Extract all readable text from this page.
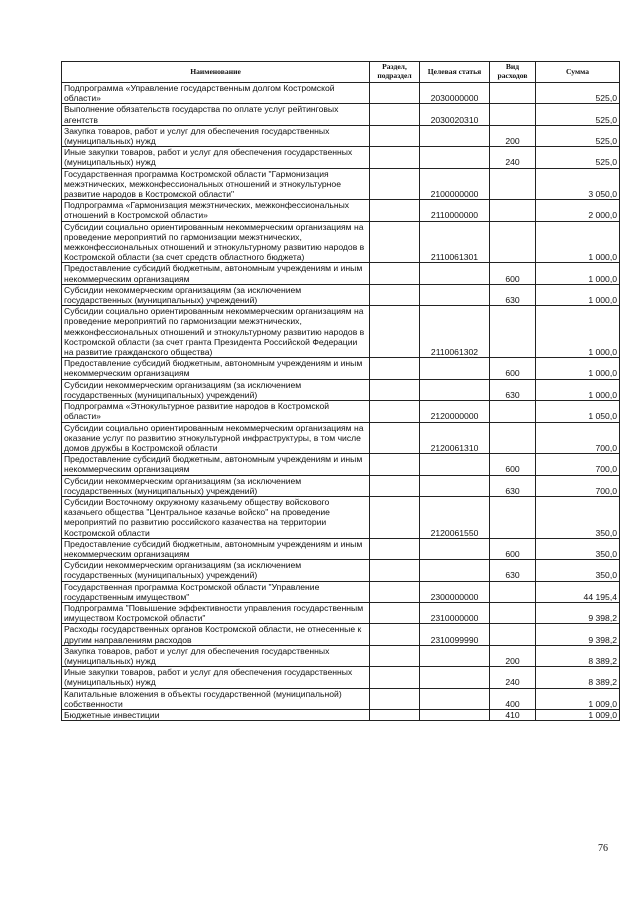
Наименование	Раздел, подраздел	Целевая статья	Вид расходов	Сумма
Подпрограмма «Управление государственным долгом Костромской области»		2030000000		525,0
Выполнение обязательств государства по оплате услуг рейтинговых агентств		2030020310		525,0
Закупка товаров, работ и услуг для обеспечения государственных (муниципальных) нужд			200	525,0
Иные закупки товаров, работ и услуг для обеспечения государственных (муниципальных) нужд			240	525,0
Государственная программа Костромской области "Гармонизация межэтнических, межконфессиональных отношений и этнокультурное развитие народов в Костромской области"		2100000000		3 050,0
Подпрограмма «Гармонизация межэтнических, межконфессиональных отношений в Костромской области»		2110000000		2 000,0
Субсидии социально ориентированным некоммерческим организациям на проведение мероприятий по гармонизации межэтнических, межконфессиональных отношений и этнокультурному развитию народов в Костромской области (за счет средств областного бюджета)		2110061301		1 000,0
Предоставление субсидий бюджетным, автономным учреждениям и иным некоммерческим организациям			600	1 000,0
Субсидии некоммерческим организациям (за исключением государственных (муниципальных) учреждений)			630	1 000,0
Субсидии социально ориентированным некоммерческим организациям на проведение мероприятий по гармонизации межэтнических, межконфессиональных отношений и этнокультурному развитию народов в Костромской области (за счет гранта Президента Российской Федерации на развитие гражданского общества)		2110061302		1 000,0
Предоставление субсидий бюджетным, автономным учреждениям и иным некоммерческим организациям			600	1 000,0
Субсидии некоммерческим организациям (за исключением государственных (муниципальных) учреждений)			630	1 000,0
Подпрограмма «Этнокультурное развитие народов в Костромской области»		2120000000		1 050,0
Субсидии социально ориентированным некоммерческим организациям на оказание услуг по развитию этнокультурной инфраструктуры, в том числе домов дружбы в Костромской области		2120061310		700,0
Предоставление субсидий бюджетным, автономным учреждениям и иным некоммерческим организациям			600	700,0
Субсидии некоммерческим организациям (за исключением государственных (муниципальных) учреждений)			630	700,0
Субсидии Восточному окружному казачьему обществу войскового казачьего общества "Центральное казачье войско" на проведение мероприятий по развитию российского казачества на территории Костромской области		2120061550		350,0
Предоставление субсидий бюджетным, автономным учреждениям и иным некоммерческим организациям			600	350,0
Субсидии некоммерческим организациям (за исключением государственных (муниципальных) учреждений)			630	350,0
Государственная программа Костромской области "Управление государственным имуществом"		2300000000		44 195,4
Подпрограмма "Повышение эффективности управления государственным имуществом Костромской области"		2310000000		9 398,2
Расходы государственных органов Костромской области, не отнесенные к другим направлениям расходов		2310099990		9 398,2
Закупка товаров, работ и услуг для обеспечения государственных (муниципальных) нужд			200	8 389,2
Иные закупки товаров, работ и услуг для обеспечения государственных (муниципальных) нужд			240	8 389,2
Капитальные вложения в объекты государственной (муниципальной) собственности			400	1 009,0
Бюджетные инвестиции			410	1 009,0
76
